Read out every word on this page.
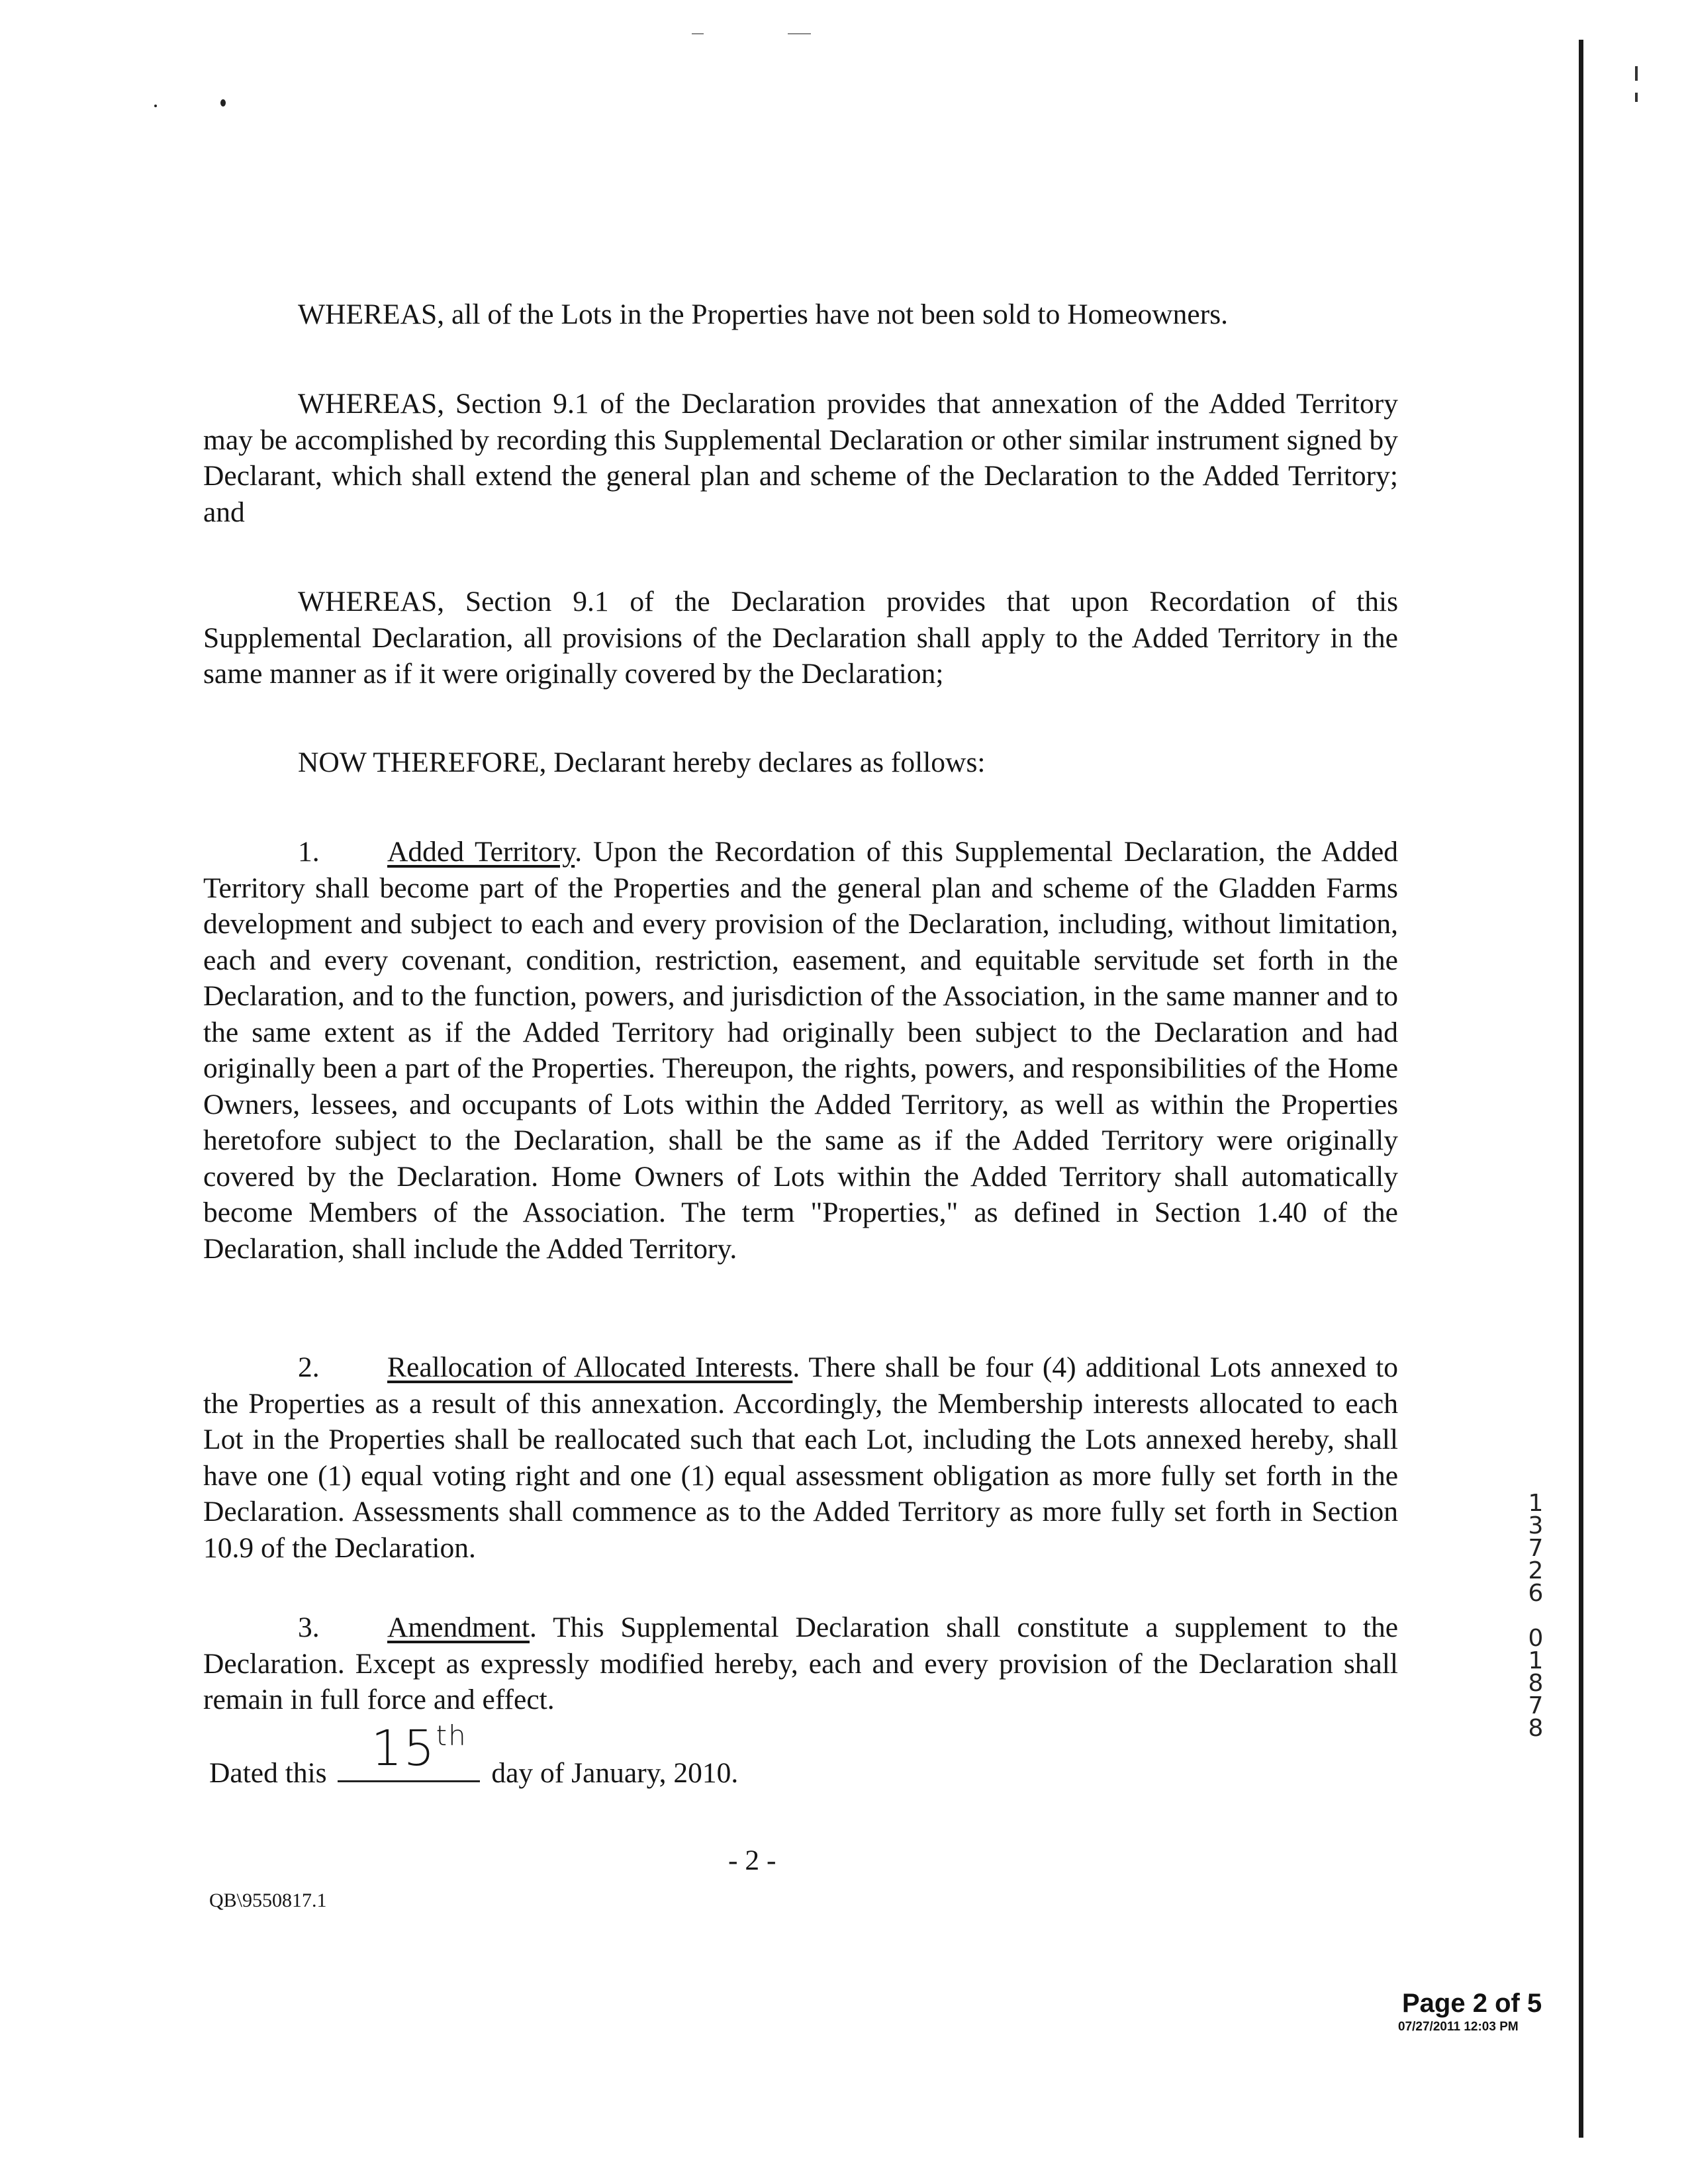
WHEREAS, all of the Lots in the Properties have not been sold to Homeowners.

WHEREAS, Section 9.1 of the Declaration provides that annexation of the Added Territory may be accomplished by recording this Supplemental Declaration or other similar instrument signed by Declarant, which shall extend the general plan and scheme of the Declaration to the Added Territory; and

WHEREAS, Section 9.1 of the Declaration provides that upon Recordation of this Supplemental Declaration, all provisions of the Declaration shall apply to the Added Territory in the same manner as if it were originally covered by the Declaration;

NOW THEREFORE, Declarant hereby declares as follows:

1. Added Territory. Upon the Recordation of this Supplemental Declaration, the Added Territory shall become part of the Properties and the general plan and scheme of the Gladden Farms development and subject to each and every provision of the Declaration, including, without limitation, each and every covenant, condition, restriction, easement, and equitable servitude set forth in the Declaration, and to the function, powers, and jurisdiction of the Association, in the same manner and to the same extent as if the Added Territory had originally been subject to the Declaration and had originally been a part of the Properties. Thereupon, the rights, powers, and responsibilities of the Home Owners, lessees, and occupants of Lots within the Added Territory, as well as within the Properties heretofore subject to the Declaration, shall be the same as if the Added Territory were originally covered by the Declaration. Home Owners of Lots within the Added Territory shall automatically become Members of the Association. The term "Properties," as defined in Section 1.40 of the Declaration, shall include the Added Territory.

2. Reallocation of Allocated Interests. There shall be four (4) additional Lots annexed to the Properties as a result of this annexation. Accordingly, the Membership interests allocated to each Lot in the Properties shall be reallocated such that each Lot, including the Lots annexed hereby, shall have one (1) equal voting right and one (1) equal assessment obligation as more fully set forth in the Declaration. Assessments shall commence as to the Added Territory as more fully set forth in Section 10.9 of the Declaration.

3. Amendment. This Supplemental Declaration shall constitute a supplement to the Declaration. Except as expressly modified hereby, each and every provision of the Declaration shall remain in full force and effect.

Dated this 15th
day of January, 2010.
- 2 -
QB\9550817.1
1
3
7
2
6
0
1
8
7
8
Page 2 of 5
07/27/2011 12:03 PM
